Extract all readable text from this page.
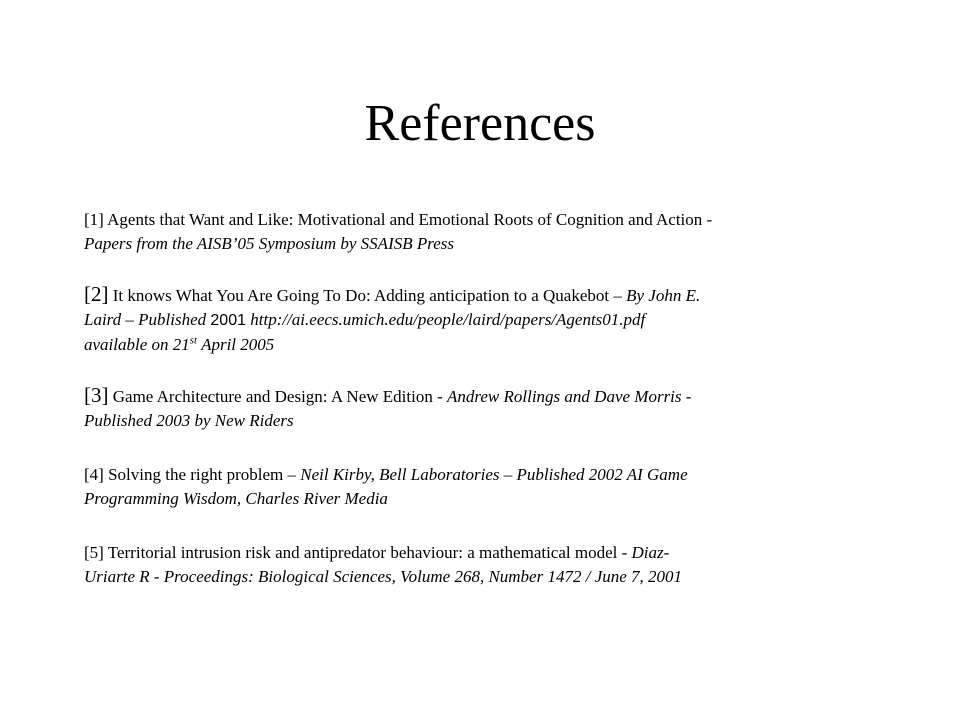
References
[1] Agents that Want and Like: Motivational and Emotional Roots of Cognition and Action -
Papers from the AISB’05 Symposium by SSAISB Press
[2] It knows What You Are Going To Do: Adding anticipation to a Quakebot – By John E.
Laird – Published 2001 http://ai.eecs.umich.edu/people/laird/papers/Agents01.pdf
available on 21st April 2005
[3] Game Architecture and Design: A New Edition - Andrew Rollings and Dave Morris -
Published 2003 by New Riders
[4] Solving the right problem – Neil Kirby, Bell Laboratories – Published 2002 AI Game
Programming Wisdom, Charles River Media
[5] Territorial intrusion risk and antipredator behaviour: a mathematical model - Diaz-
Uriarte R - Proceedings: Biological Sciences, Volume 268, Number 1472 / June 7, 2001
